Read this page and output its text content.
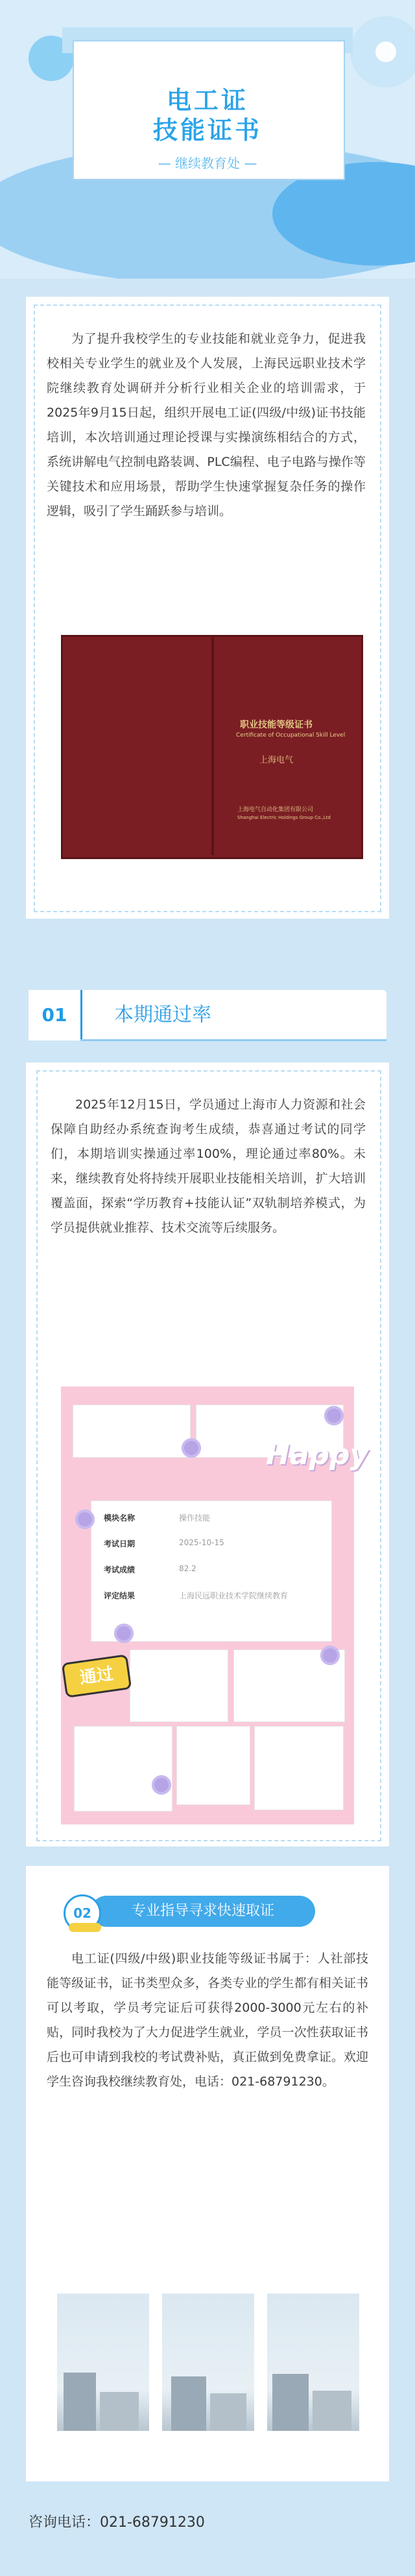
电工证
技能证书
— 继续教育处 —
为了提升我校学生的专业技能和就业竞争力，促进我校相关专业学生的就业及个人发展，上海民远职业技术学院继续教育处调研并分析行业相关企业的培训需求，于2025年9月15日起，组织开展电工证(四级/中级)证书技能培训，本次培训通过理论授课与实操演练相结合的方式，系统讲解电气控制电路装调、PLC编程、电子电路与操作等关键技术和应用场景，帮助学生快速掌握复杂任务的操作逻辑，吸引了学生踊跃参与培训。
职业技能等级证书
Certificate of Occupational Skill Level
上海电气
上海电气自动化集团有限公司
Shanghai Electric Holdings Group Co.,Ltd
01	本期通过率
2025年12月15日，学员通过上海市人力资源和社会保障自助经办系统查询考生成绩，恭喜通过考试的同学们，本期培训实操通过率100%，理论通过率80%。未来，继续教育处将持续开展职业技能相关培训，扩大培训覆盖面，探索“学历教育+技能认证”双轨制培养模式，为学员提供就业推荐、技术交流等后续服务。
Happy
模块名称	操作技能
考试日期	2025-10-15
考试成绩	82.2
评定结果	上海民远职业技术学院继续教育
通过
专业指导寻求快速取证
02
电工证(四级/中级)职业技能等级证书属于：人社部技能等级证书，证书类型众多，各类专业的学生都有相关证书可以考取，学员考完证后可获得2000-3000元左右的补贴，同时我校为了大力促进学生就业，学员一次性获取证书后也可申请到我校的考试费补贴，真正做到免费拿证。欢迎学生咨询我校继续教育处，电话：021-68791230。
咨询电话：021-68791230
